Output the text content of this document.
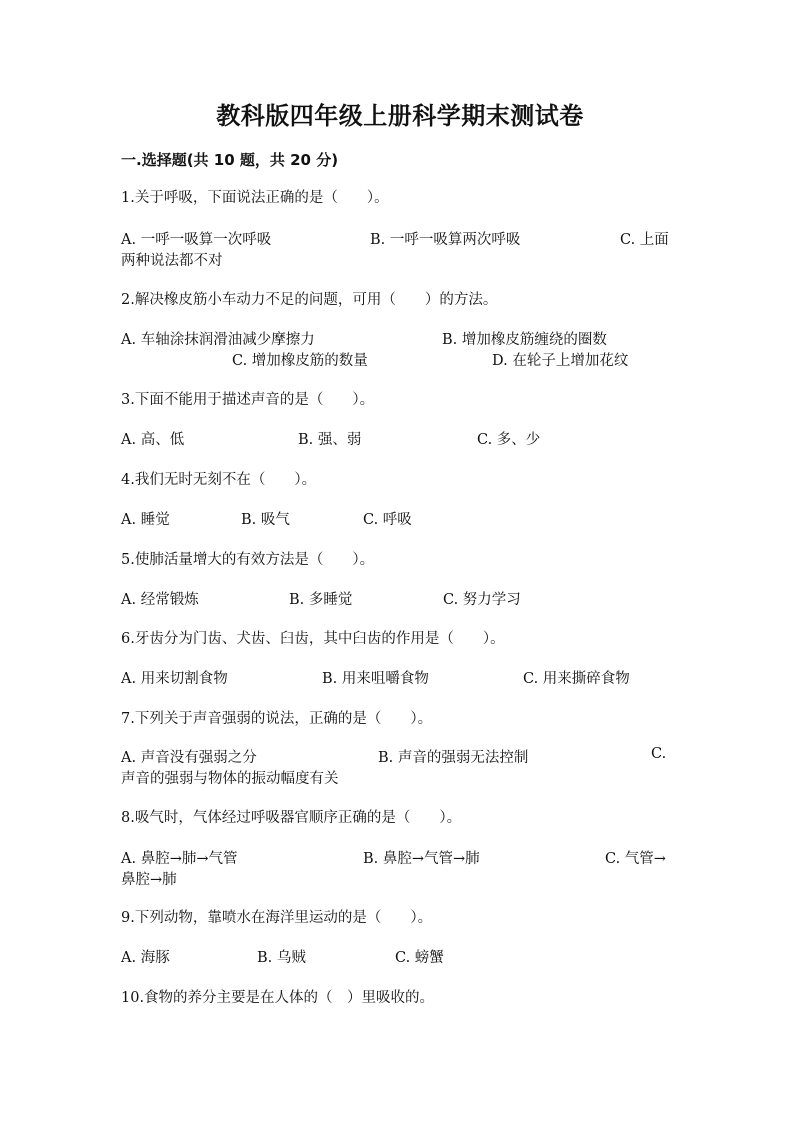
教科版四年级上册科学期末测试卷
一.选择题(共 10 题，共 20 分)
1.关于呼吸，下面说法正确的是（　　）。
A. 一呼一吸算一次呼吸	B. 一呼一吸算两次呼吸	C. 上面
两种说法都不对
2.解决橡皮筋小车动力不足的问题，可用（　　）的方法。
A. 车轴涂抹润滑油减少摩擦力	B. 增加橡皮筋缠绕的圈数
C. 增加橡皮筋的数量	D. 在轮子上增加花纹
3.下面不能用于描述声音的是（　　）。
A. 高、低	B. 强、弱	C. 多、少
4.我们无时无刻不在（　　）。
A. 睡觉	B. 吸气	C. 呼吸
5.使肺活量增大的有效方法是（　　）。
A. 经常锻炼	B. 多睡觉	C. 努力学习
6.牙齿分为门齿、犬齿、臼齿，其中臼齿的作用是（　　）。
A. 用来切割食物	B. 用来咀嚼食物	C. 用来撕碎食物
7.下列关于声音强弱的说法，正确的是（　　）。
A. 声音没有强弱之分	B. 声音的强弱无法控制	C.
声音的强弱与物体的振动幅度有关
8.吸气时，气体经过呼吸器官顺序正确的是（　　）。
A. 鼻腔→肺→气管	B. 鼻腔→气管→肺	C. 气管→
鼻腔→肺
9.下列动物，靠喷水在海洋里运动的是（　　）。
A. 海豚	B. 乌贼	C. 螃蟹
10.食物的养分主要是在人体的（　）里吸收的。
